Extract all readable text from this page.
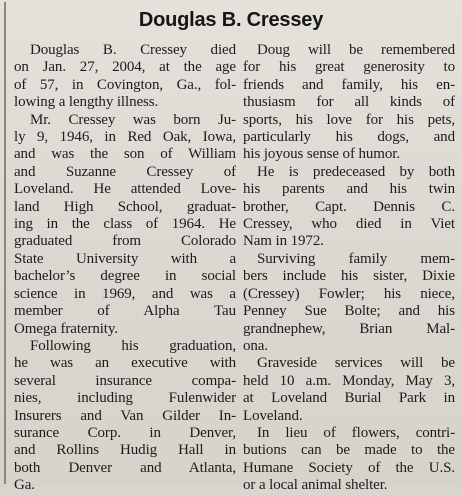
Douglas B. Cressey
Douglas B. Cressey died
on Jan. 27, 2004, at the age
of 57, in Covington, Ga., fol-
lowing a lengthy illness.
Mr. Cressey was born Ju-
ly 9, 1946, in Red Oak, Iowa,
and was the son of William
and Suzanne Cressey of
Loveland. He attended Love-
land High School, graduat-
ing in the class of 1964. He
graduated from Colorado
State University with a
bachelor’s degree in social
science in 1969, and was a
member of Alpha Tau
Omega fraternity.
Following his graduation,
he was an executive with
several insurance compa-
nies, including Fulenwider
Insurers and Van Gilder In-
surance Corp. in Denver,
and Rollins Hudig Hall in
both Denver and Atlanta,
Ga.
Doug will be remembered
for his great generosity to
friends and family, his en-
thusiasm for all kinds of
sports, his love for his pets,
particularly his dogs, and
his joyous sense of humor.
He is predeceased by both
his parents and his twin
brother, Capt. Dennis C.
Cressey, who died in Viet
Nam in 1972.
Surviving family mem-
bers include his sister, Dixie
(Cressey) Fowler; his niece,
Penney Sue Bolte; and his
grandnephew, Brian Mal-
ona.
Graveside services will be
held 10 a.m. Monday, May 3,
at Loveland Burial Park in
Loveland.
In lieu of flowers, contri-
butions can be made to the
Humane Society of the U.S.
or a local animal shelter.
